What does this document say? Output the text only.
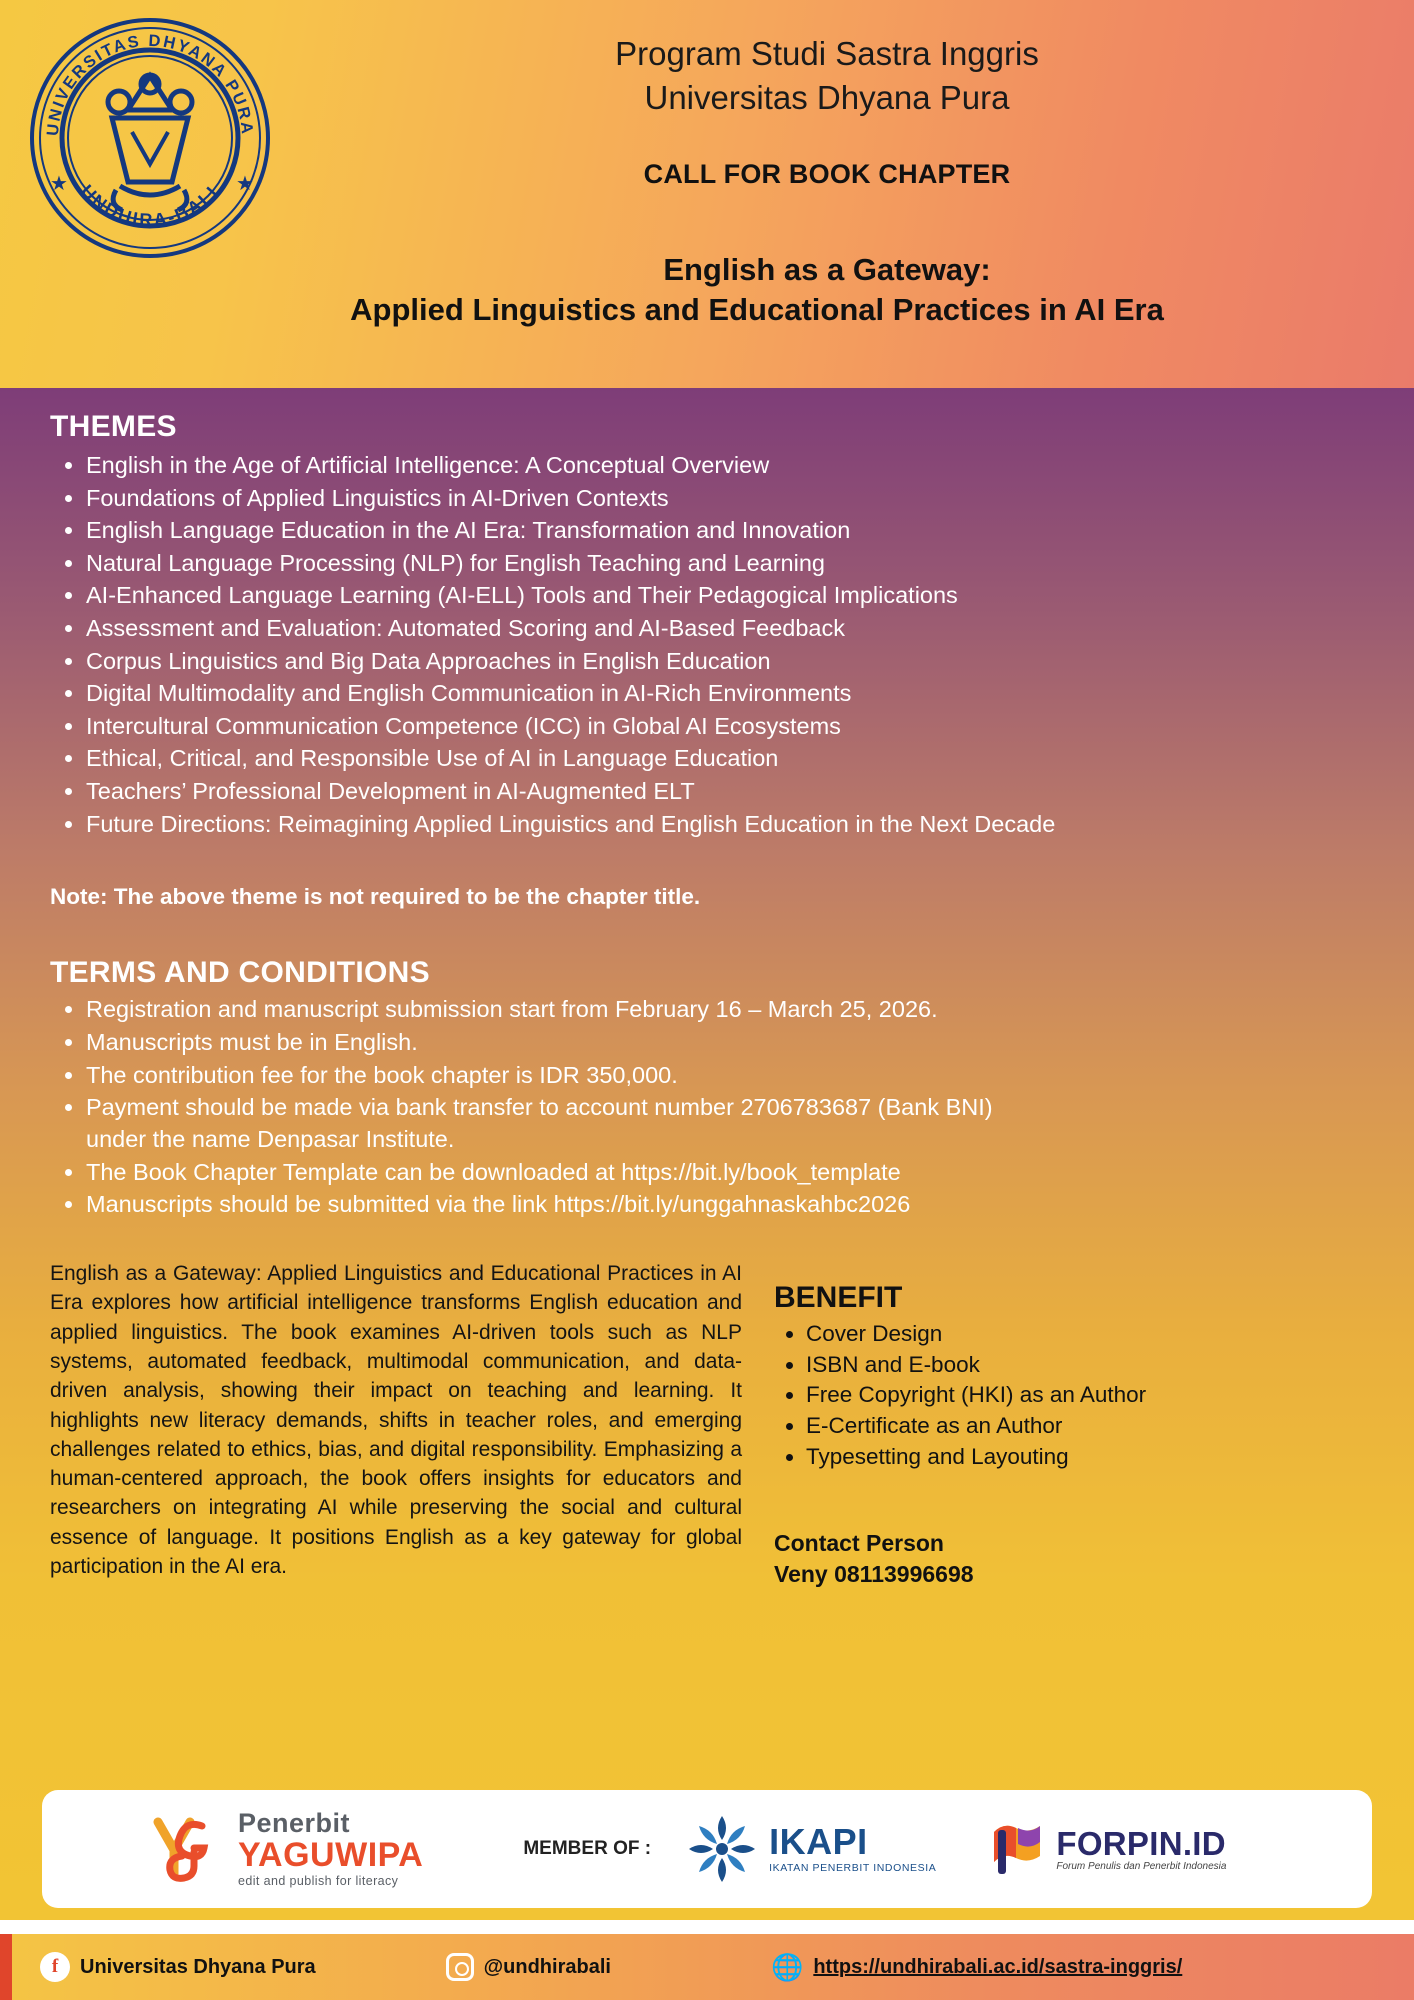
UNIVERSITAS DHYANA PURA
UNDHIRA-BALI
★	★
Program Studi Sastra Inggris
Universitas Dhyana Pura
CALL FOR BOOK CHAPTER
English as a Gateway:
Applied Linguistics and Educational Practices in AI Era
THEMES
• English in the Age of Artificial Intelligence: A Conceptual Overview
• Foundations of Applied Linguistics in AI-Driven Contexts
• English Language Education in the AI Era: Transformation and Innovation
• Natural Language Processing (NLP) for English Teaching and Learning
• AI-Enhanced Language Learning (AI-ELL) Tools and Their Pedagogical Implications
• Assessment and Evaluation: Automated Scoring and AI-Based Feedback
• Corpus Linguistics and Big Data Approaches in English Education
• Digital Multimodality and English Communication in AI-Rich Environments
• Intercultural Communication Competence (ICC) in Global AI Ecosystems
• Ethical, Critical, and Responsible Use of AI in Language Education
• Teachers’ Professional Development in AI-Augmented ELT
• Future Directions: Reimagining Applied Linguistics and English Education in the Next Decade
Note: The above theme is not required to be the chapter title.
TERMS AND CONDITIONS
• Registration and manuscript submission start from February 16 – March 25, 2026.
• Manuscripts must be in English.
• The contribution fee for the book chapter is IDR 350,000.
• Payment should be made via bank transfer to account number 2706783687 (Bank BNI)
under the name Denpasar Institute.
• The Book Chapter Template can be downloaded at https://bit.ly/book_template
• Manuscripts should be submitted via the link https://bit.ly/unggahnaskahbc2026
English as a Gateway: Applied Linguistics and Educational Practices in AI Era explores how artificial intelligence transforms English education and applied linguistics. The book examines AI-driven tools such as NLP systems, automated feedback, multimodal communication, and data-driven analysis, showing their impact on teaching and learning. It highlights new literacy demands, shifts in teacher roles, and emerging challenges related to ethics, bias, and digital responsibility. Emphasizing a human-centered approach, the book offers insights for educators and researchers on integrating AI while preserving the social and cultural essence of language. It positions English as a key gateway for global participation in the AI era.
BENEFIT
• Cover Design
• ISBN and E-book
• Free Copyright (HKI) as an Author
• E-Certificate as an Author
• Typesetting and Layouting
Contact Person
Veny 08113996698
Penerbit
YAGUWIPA
edit and publish for literacy
MEMBER OF :	IKAPI
IKATAN PENERBIT INDONESIA
FORPIN.ID
Forum Penulis dan Penerbit Indonesia
f	Universitas Dhyana Pura	@undhirabali	🌐 https://undhirabali.ac.id/sastra-inggris/
